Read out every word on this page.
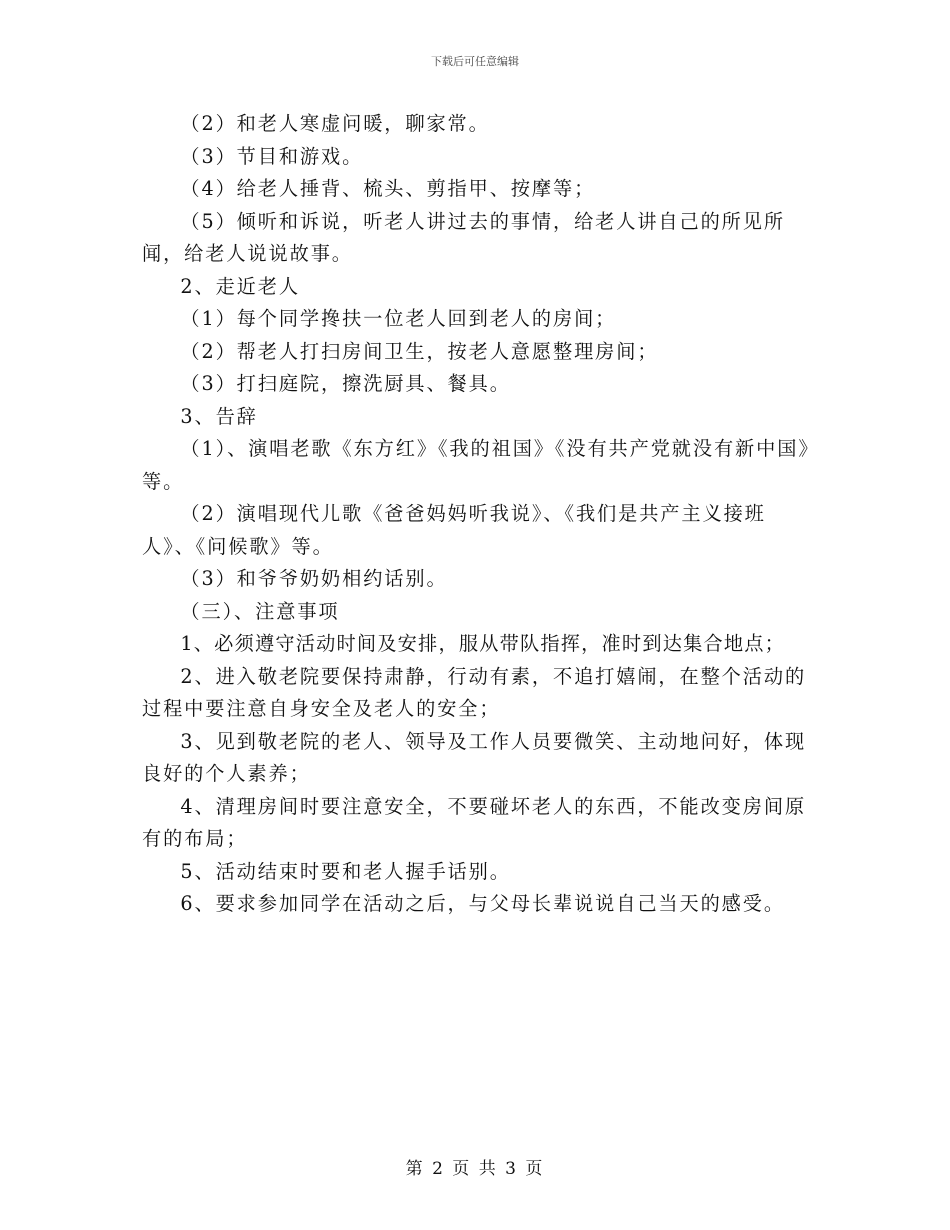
下载后可任意编辑

（2）和老人寒虚问暖，聊家常。

（3）节目和游戏。

（4）给老人捶背、梳头、剪指甲、按摩等；

（5）倾听和诉说，听老人讲过去的事情，给老人讲自己的所见所闻，给老人说说故事。

2、走近老人

（1）每个同学搀扶一位老人回到老人的房间；

（2）帮老人打扫房间卫生，按老人意愿整理房间；

（3）打扫庭院，擦洗厨具、餐具。

3、告辞

（1）、演唱老歌《东方红》《我的祖国》《没有共产党就没有新中国》等。

（2）演唱现代儿歌《爸爸妈妈听我说》、《我们是共产主义接班人》、《问候歌》等。

（3）和爷爷奶奶相约话别。

（三）、注意事项

1、必须遵守活动时间及安排，服从带队指挥，准时到达集合地点；

2、进入敬老院要保持肃静，行动有素，不追打嬉闹，在整个活动的过程中要注意自身安全及老人的安全；

3、见到敬老院的老人、领导及工作人员要微笑、主动地问好，体现良好的个人素养；

4、清理房间时要注意安全，不要碰坏老人的东西，不能改变房间原有的布局；

5、活动结束时要和老人握手话别。

6、要求参加同学在活动之后，与父母长辈说说自己当天的感受。

第 2 页 共 3 页
